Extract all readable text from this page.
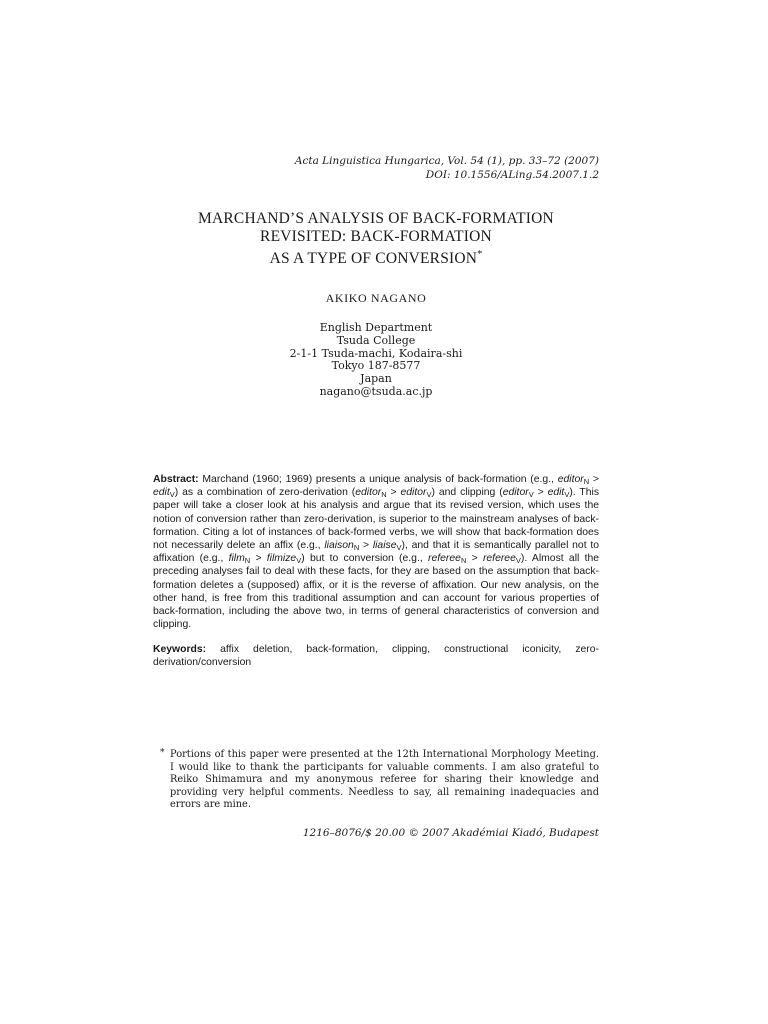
Acta Linguistica Hungarica, Vol. 54 (1), pp. 33–72 (2007)
DOI: 10.1556/ALing.54.2007.1.2
MARCHAND’S ANALYSIS OF BACK-FORMATION
REVISITED: BACK-FORMATION
AS A TYPE OF CONVERSION*
AKIKO NAGANO
English Department
Tsuda College
2-1-1 Tsuda-machi, Kodaira-shi
Tokyo 187-8577
Japan
nagano@tsuda.ac.jp
Abstract: Marchand (1960; 1969) presents a unique analysis of back-formation (e.g., editor$_N$ > edit$_V$) as a combination of zero-derivation (editor$_N$ > editor$_V$) and clipping (editor$_V$ > edit$_V$). This paper will take a closer look at his analysis and argue that its revised version, which uses the notion of conversion rather than zero-derivation, is superior to the mainstream analyses of back-formation. Citing a lot of instances of back-formed verbs, we will show that back-formation does not necessarily delete an affix (e.g., liaison$_N$ > liaise$_V$), and that it is semantically parallel not to affixation (e.g., film$_N$ > filmize$_V$) but to conversion (e.g., referee$_N$ > referee$_V$). Almost all the preceding analyses fail to deal with these facts, for they are based on the assumption that back-formation deletes a (supposed) affix, or it is the reverse of affixation. Our new analysis, on the other hand, is free from this traditional assumption and can account for various properties of back-formation, including the above two, in terms of general characteristics of conversion and clipping.
Keywords: affix deletion, back-formation, clipping, constructional iconicity, zero-derivation/conversion
* Portions of this paper were presented at the 12th International Morphology Meeting. I would like to thank the participants for valuable comments. I am also grateful to Reiko Shimamura and my anonymous referee for sharing their knowledge and providing very helpful comments. Needless to say, all remaining inadequacies and errors are mine.
1216–8076/$ 20.00 © 2007 Akadémiai Kiadó, Budapest
